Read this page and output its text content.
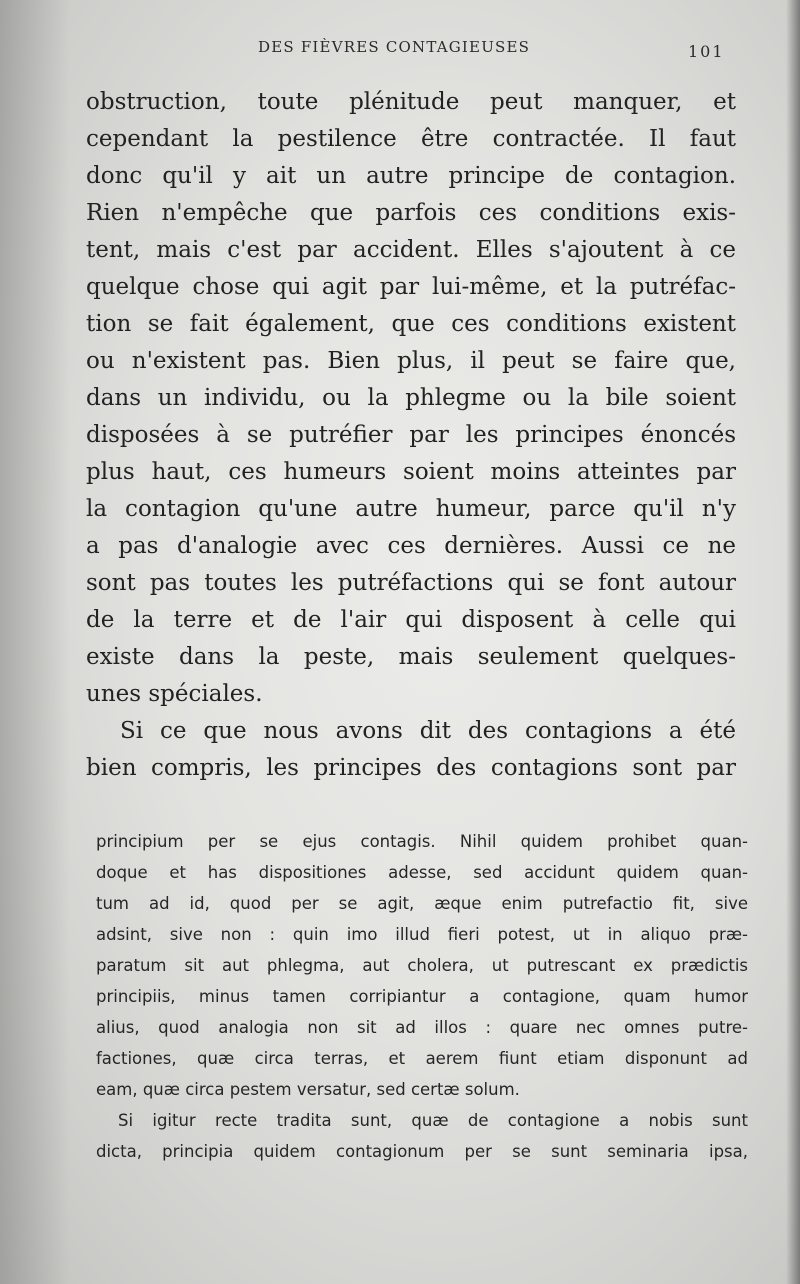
DES FIÈVRES CONTAGIEUSES	101
obstruction, toute plénitude peut manquer, et
cependant la pestilence être contractée. Il faut
donc qu'il y ait un autre principe de contagion.
Rien n'empêche que parfois ces conditions exis-
tent, mais c'est par accident. Elles s'ajoutent à ce
quelque chose qui agit par lui-même, et la putréfac-
tion se fait également, que ces conditions existent
ou n'existent pas. Bien plus, il peut se faire que,
dans un individu, ou la phlegme ou la bile soient
disposées à se putréfier par les principes énoncés
plus haut, ces humeurs soient moins atteintes par
la contagion qu'une autre humeur, parce qu'il n'y
a pas d'analogie avec ces dernières. Aussi ce ne
sont pas toutes les putréfactions qui se font autour
de la terre et de l'air qui disposent à celle qui
existe dans la peste, mais seulement quelques-
unes spéciales.
Si ce que nous avons dit des contagions a été
bien compris, les principes des contagions sont par
principium per se ejus contagis. Nihil quidem prohibet quan-
doque et has dispositiones adesse, sed accidunt quidem quan-
tum ad id, quod per se agit, æque enim putrefactio fit, sive
adsint, sive non : quin imo illud fieri potest, ut in aliquo præ-
paratum sit aut phlegma, aut cholera, ut putrescant ex prædictis
principiis, minus tamen corripiantur a contagione, quam humor
alius, quod analogia non sit ad illos : quare nec omnes putre-
factiones, quæ circa terras, et aerem fiunt etiam disponunt ad
eam, quæ circa pestem versatur, sed certæ solum.
Si igitur recte tradita sunt, quæ de contagione a nobis sunt
dicta, principia quidem contagionum per se sunt seminaria ipsa,
